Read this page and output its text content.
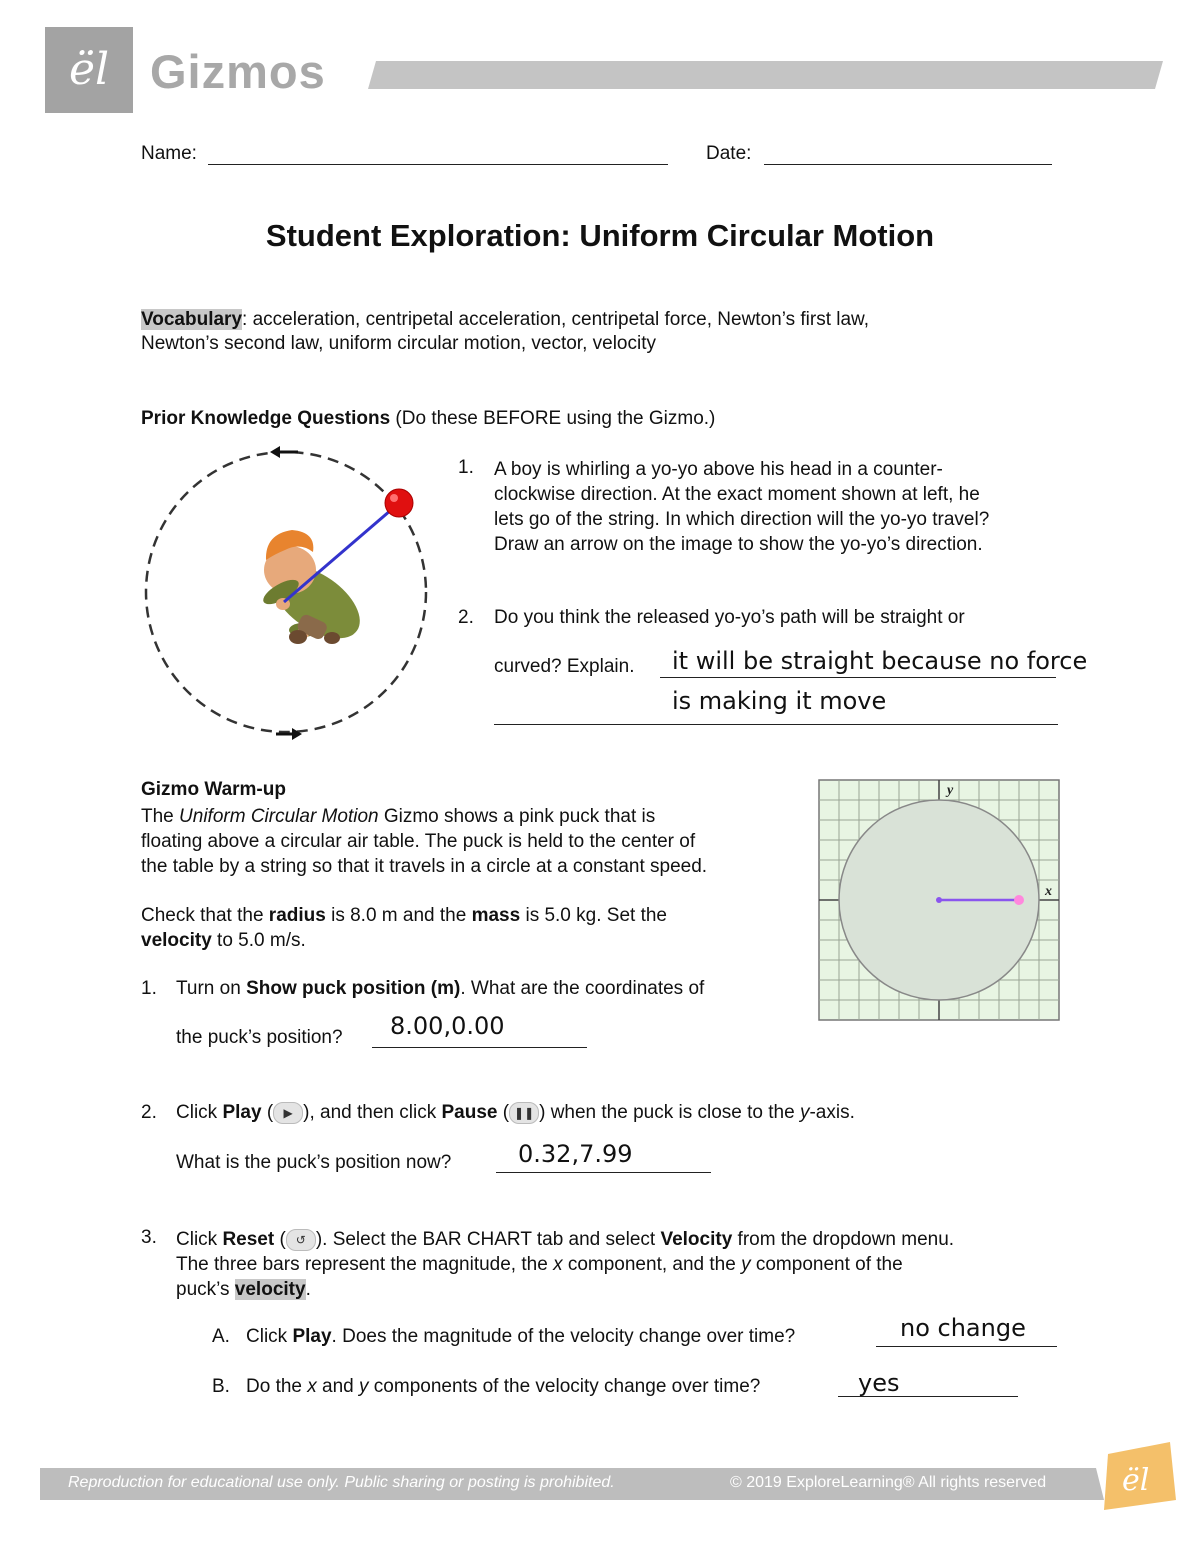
ël Gizmos
Name:	Date:
Student Exploration: Uniform Circular Motion
Vocabulary: acceleration, centripetal acceleration, centripetal force, Newton’s first law,
Newton’s second law, uniform circular motion, vector, velocity
Prior Knowledge Questions (Do these BEFORE using the Gizmo.)
1. A boy is whirling a yo-yo above his head in a counter-
clockwise direction. At the exact moment shown at left, he
lets go of the string. In which direction will the yo-yo travel?
Draw an arrow on the image to show the yo-yo’s direction.
2. Do you think the released yo-yo’s path will be straight or
curved? Explain. it will be straight because no force
is making it move
Gizmo Warm-up
The Uniform Circular Motion Gizmo shows a pink puck that is
floating above a circular air table. The puck is held to the center of
the table by a string so that it travels in a circle at a constant speed.
Check that the radius is 8.0 m and the mass is 5.0 kg. Set the
velocity to 5.0 m/s.
y
x
1. Turn on Show puck position (m). What are the coordinates of
the puck’s position? 8.00,0.00
2. Click Play ( ▶ ), and then click Pause ( ❚❚ ) when the puck is close to the y-axis.
What is the puck’s position now?	0.32,7.99
3. Click Reset ( ↺ ). Select the BAR CHART tab and select Velocity from the dropdown menu.
The three bars represent the magnitude, the x component, and the y component of the
puck’s velocity.
A. Click Play. Does the magnitude of the velocity change over time?	no change
B. Do the x and y components of the velocity change over time?	yes
Reproduction for educational use only. Public sharing or posting is prohibited.	© 2019 ExploreLearning® All rights reserved	ël
